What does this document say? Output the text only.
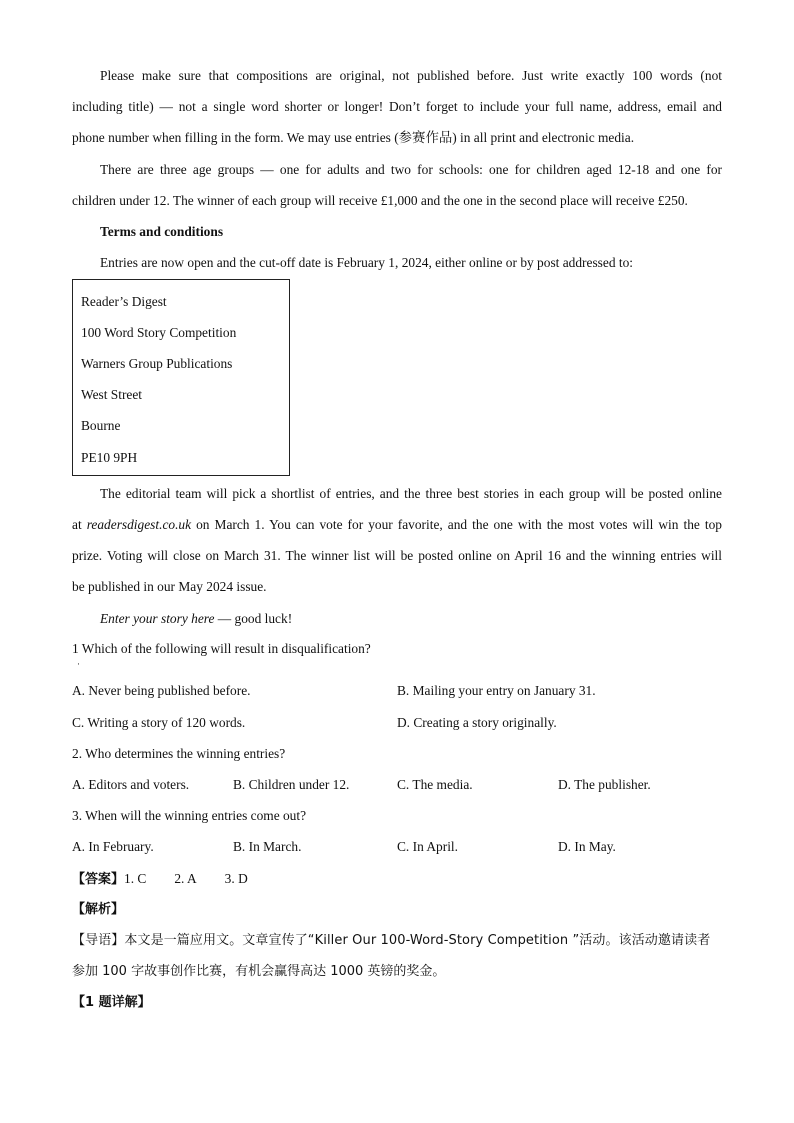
Please make sure that compositions are original, not published before. Just write exactly 100 words (not
including title) — not a single word shorter or longer! Don’t forget to include your full name, address, email and
phone number when filling in the form. We may use entries (参赛作品) in all print and electronic media.
There are three age groups — one for adults and two for schools: one for children aged 12-18 and one for
children under 12. The winner of each group will receive £1,000 and the one in the second place will receive £250.
Terms and conditions
Entries are now open and the cut-off date is February 1, 2024, either online or by post addressed to:
Reader’s Digest
100 Word Story Competition
Warners Group Publications
West Street
Bourne
PE10 9PH
The editorial team will pick a shortlist of entries, and the three best stories in each group will be posted online
at readersdigest.co.uk on March 1. You can vote for your favorite, and the one with the most votes will win the top
prize. Voting will close on March 31. The winner list will be posted online on April 16 and the winning entries will
be published in our May 2024 issue.
Enter your story here — good luck!
1 Which of the following will result in disqualification?
·
A. Never being published before.	B. Mailing your entry on January 31.
C. Writing a story of 120 words.	D. Creating a story originally.
2. Who determines the winning entries?
A. Editors and voters.	B. Children under 12.	C. The media.	D. The publisher.
3. When will the winning entries come out?
A. In February.	B. In March.	C. In April.	D. In May.
【答案】1. C 2. A 3. D
【解析】
【导语】本文是一篇应用文。文章宣传了“Killer Our 100-Word-Story Competition ”活动。该活动邀请读者
参加 100 字故事创作比赛，有机会赢得高达 1000 英镑的奖金。
【1 题详解】
